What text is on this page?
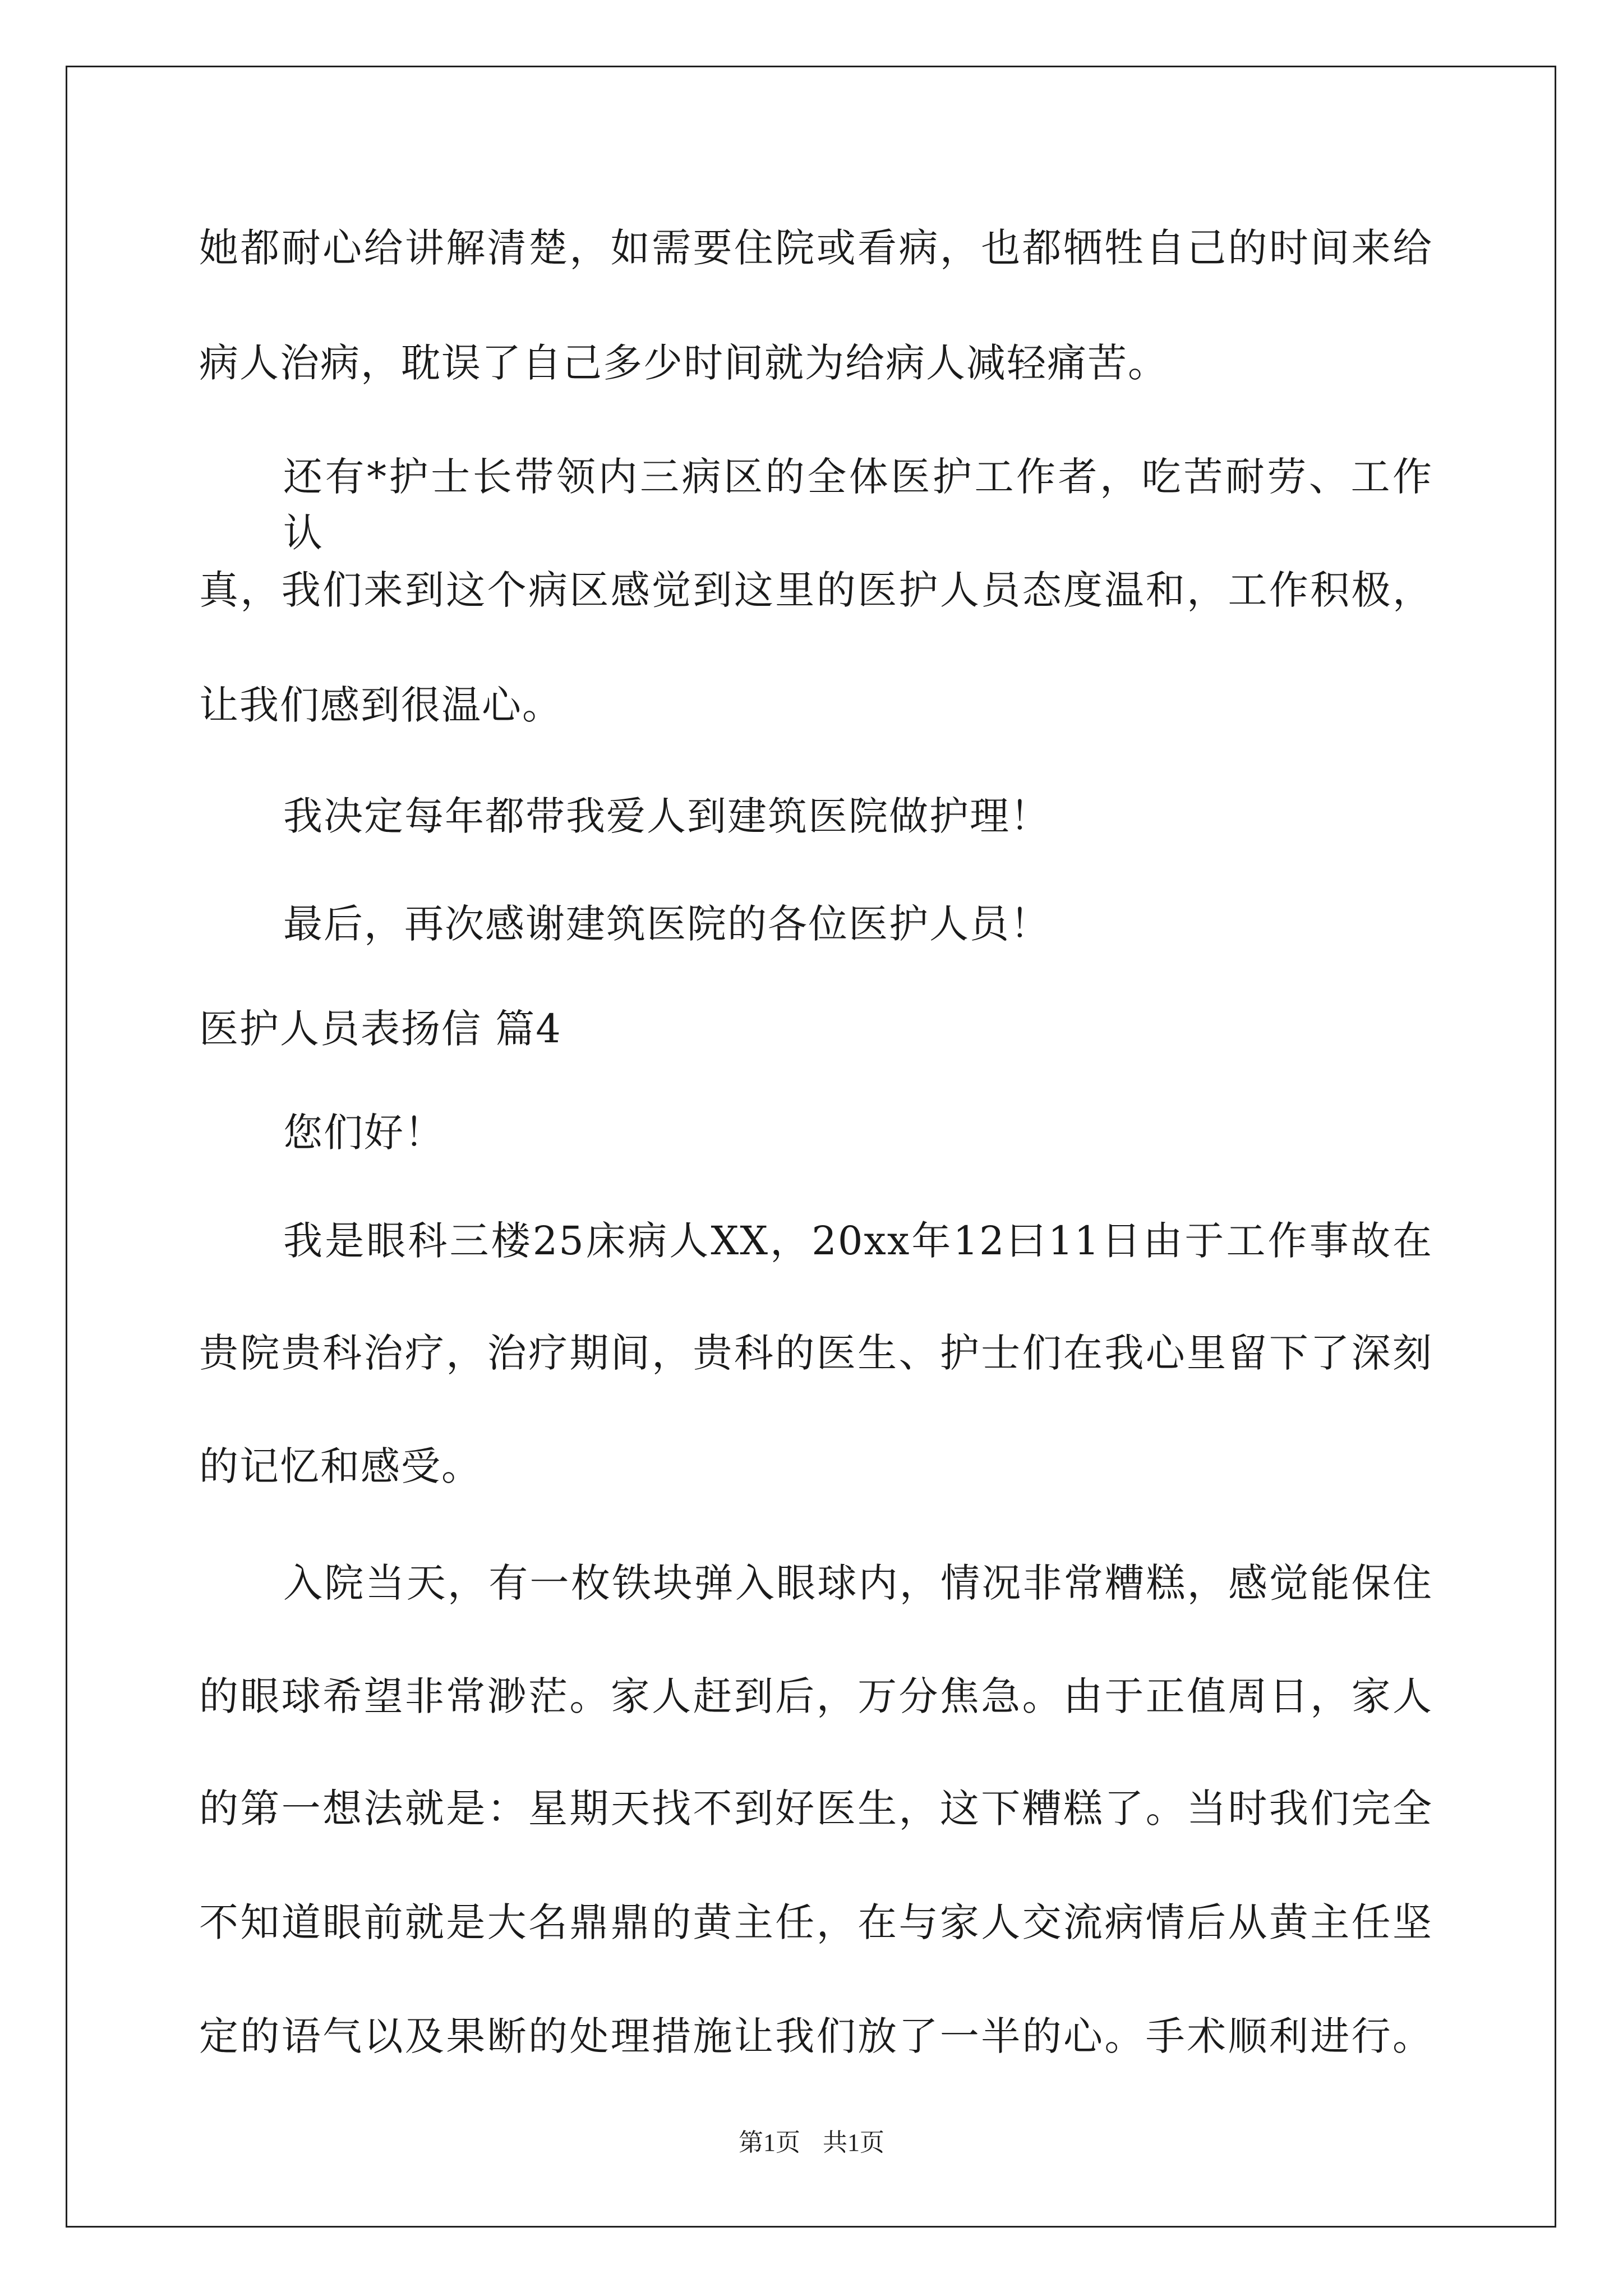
她都耐心给讲解清楚，如需要住院或看病，也都牺牲自己的时间来给
病人治病，耽误了自己多少时间就为给病人减轻痛苦。
还有*护士长带领内三病区的全体医护工作者，吃苦耐劳、工作认
真，我们来到这个病区感觉到这里的医护人员态度温和，工作积极，
让我们感到很温心。
我决定每年都带我爱人到建筑医院做护理！
最后，再次感谢建筑医院的各位医护人员！
医护人员表扬信 篇4
您们好！
我是眼科三楼25床病人XX，20xx年12曰11日由于工作事故在
贵院贵科治疗，治疗期间，贵科的医生、护士们在我心里留下了深刻
的记忆和感受。
入院当天，有一枚铁块弹入眼球内，情况非常糟糕，感觉能保住
的眼球希望非常渺茫。家人赶到后，万分焦急。由于正值周日，家人
的第一想法就是：星期天找不到好医生，这下糟糕了。当时我们完全
不知道眼前就是大名鼎鼎的黄主任，在与家人交流病情后从黄主任坚
定的语气以及果断的处理措施让我们放了一半的心。手术顺利进行。
第1页 共1页
